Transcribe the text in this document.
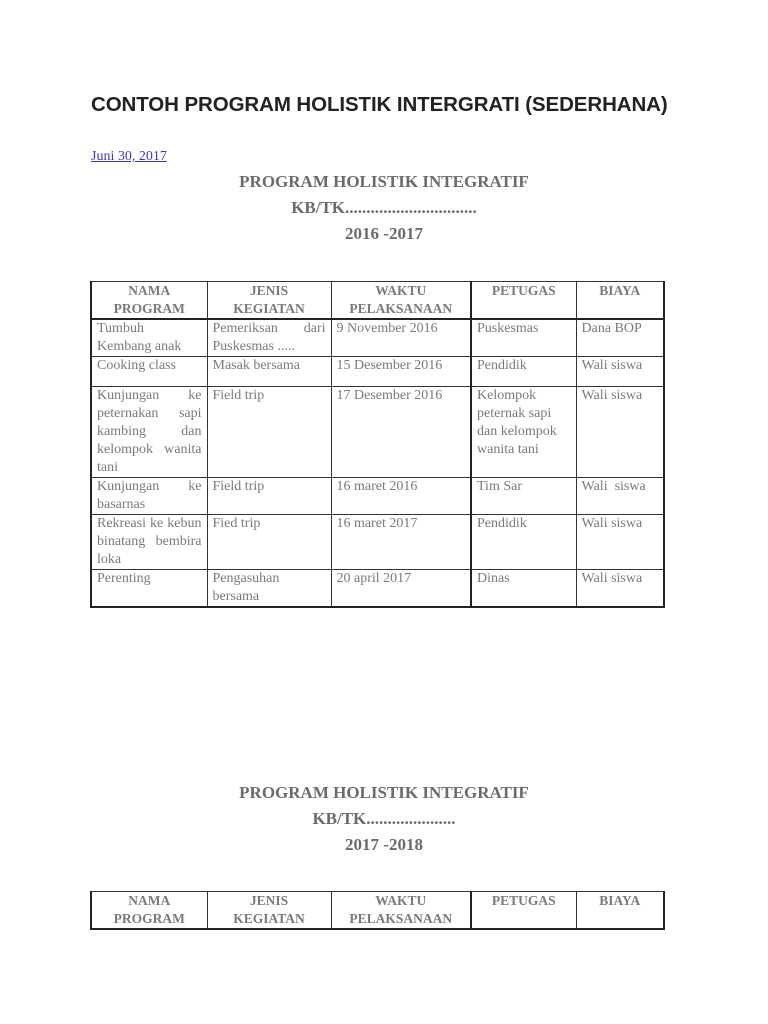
CONTOH PROGRAM HOLISTIK INTERGRATI (SEDERHANA)
Juni 30, 2017
PROGRAM HOLISTIK INTEGRATIF
KB/TK...............................
2016 -2017
NAMA PROGRAM	JENIS KEGIATAN	WAKTU PELAKSANAAN	PETUGAS	BIAYA
Tumbuh Kembang anak	Pemeriksan dari Puskesmas .....	9 November 2016	Puskesmas	Dana BOP
Cooking class	Masak bersama	15 Desember 2016	Pendidik	Wali siswa
Kunjungan ke peternakan sapi kambing dan kelompok wanita tani	Field trip	17 Desember 2016	Kelompok peternak sapi dan kelompok wanita tani	Wali siswa
Kunjungan ke basarnas	Field trip	16 maret 2016	Tim Sar	Wali  siswa
Rekreasi ke kebun binatang bembira loka	Fied trip	16 maret 2017	Pendidik	Wali siswa
Perenting	Pengasuhan bersama	20 april 2017	Dinas	Wali siswa
PROGRAM HOLISTIK INTEGRATIF
KB/TK.....................
2017 -2018
NAMA PROGRAM	JENIS KEGIATAN	WAKTU PELAKSANAAN	PETUGAS	BIAYA
